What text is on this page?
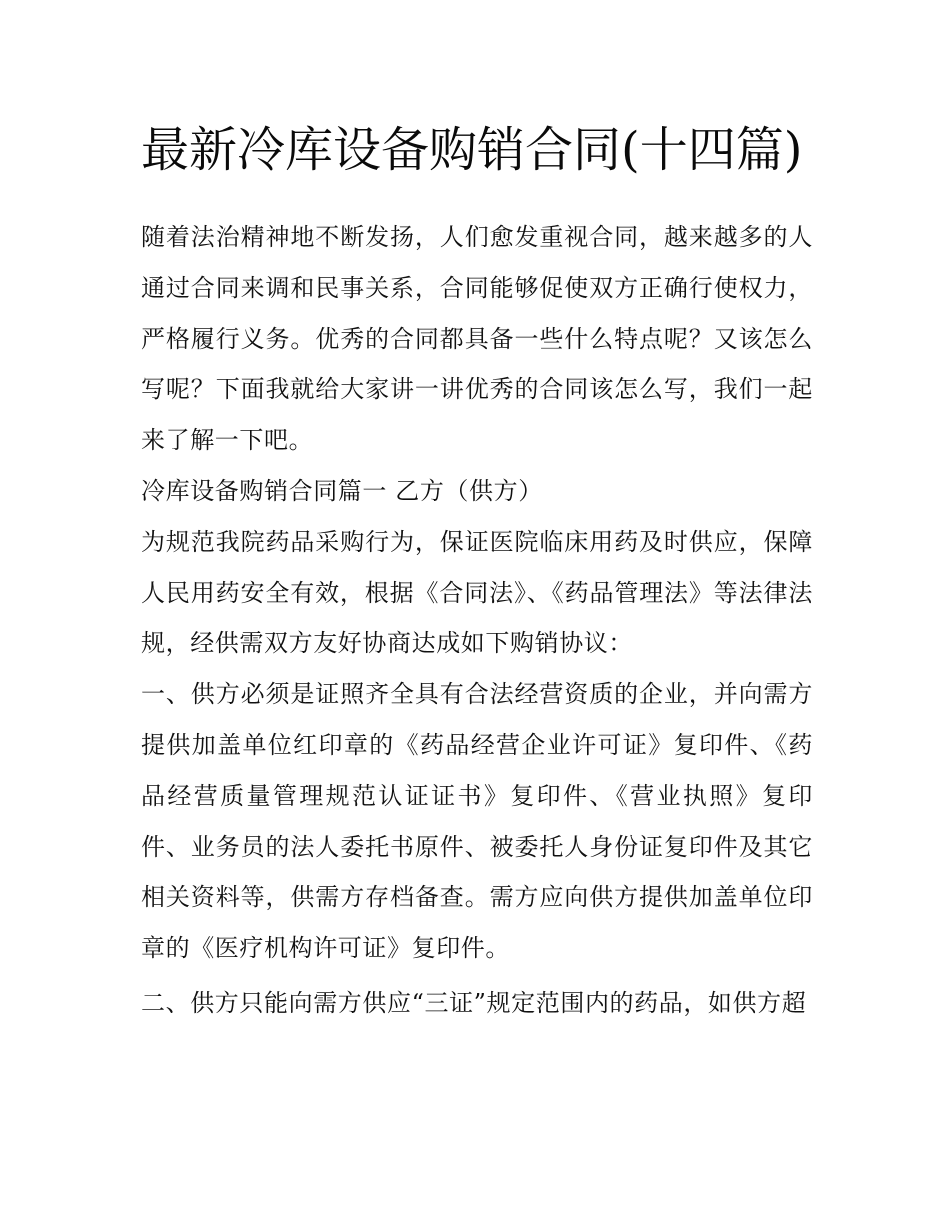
最新冷库设备购销合同(十四篇)

随着法治精神地不断发扬，人们愈发重视合同，越来越多的人通过合同来调和民事关系，合同能够促使双方正确行使权力，严格履行义务。优秀的合同都具备一些什么特点呢？又该怎么写呢？下面我就给大家讲一讲优秀的合同该怎么写，我们一起来了解一下吧。

冷库设备购销合同篇一 乙方（供方）

为规范我院药品采购行为，保证医院临床用药及时供应，保障人民用药安全有效，根据《合同法》、《药品管理法》等法律法规，经供需双方友好协商达成如下购销协议：

一、供方必须是证照齐全具有合法经营资质的企业，并向需方提供加盖单位红印章的《药品经营企业许可证》复印件、《药品经营质量管理规范认证证书》复印件、《营业执照》复印件、业务员的法人委托书原件、被委托人身份证复印件及其它相关资料等，供需方存档备查。需方应向供方提供加盖单位印章的《医疗机构许可证》复印件。

二、供方只能向需方供应“三证”规定范围内的药品，如供方超
